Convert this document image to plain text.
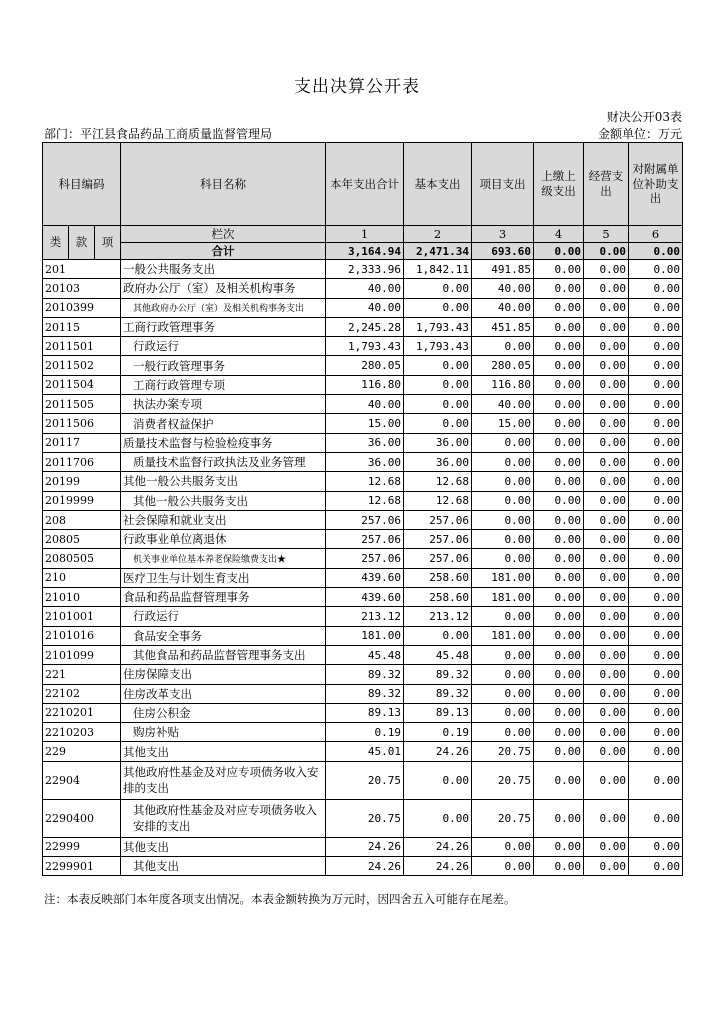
支出决算公开表
财决公开03表
部门：平江县食品药品工商质量监督管理局	金额单位：万元
科目编码			科目名称	本年支出合计	基本支出	项目支出	上缴上级支出	经营支出	对附属单位补助支出
类	款	项	栏次	1	2	3	4	5	6
			合计	3,164.94	2,471.34	693.60	0.00	0.00	0.00
201			一般公共服务支出	2,333.96	1,842.11	491.85	0.00	0.00	0.00
20103			政府办公厅（室）及相关机构事务	40.00	0.00	40.00	0.00	0.00	0.00
2010399			其他政府办公厅（室）及相关机构事务支出	40.00	0.00	40.00	0.00	0.00	0.00
20115			工商行政管理事务	2,245.28	1,793.43	451.85	0.00	0.00	0.00
2011501			行政运行	1,793.43	1,793.43	0.00	0.00	0.00	0.00
2011502			一般行政管理事务	280.05	0.00	280.05	0.00	0.00	0.00
2011504			工商行政管理专项	116.80	0.00	116.80	0.00	0.00	0.00
2011505			执法办案专项	40.00	0.00	40.00	0.00	0.00	0.00
2011506			消费者权益保护	15.00	0.00	15.00	0.00	0.00	0.00
20117			质量技术监督与检验检疫事务	36.00	36.00	0.00	0.00	0.00	0.00
2011706			质量技术监督行政执法及业务管理	36.00	36.00	0.00	0.00	0.00	0.00
20199			其他一般公共服务支出	12.68	12.68	0.00	0.00	0.00	0.00
2019999			其他一般公共服务支出	12.68	12.68	0.00	0.00	0.00	0.00
208			社会保障和就业支出	257.06	257.06	0.00	0.00	0.00	0.00
20805			行政事业单位离退休	257.06	257.06	0.00	0.00	0.00	0.00
2080505			机关事业单位基本养老保险缴费支出★	257.06	257.06	0.00	0.00	0.00	0.00
210			医疗卫生与计划生育支出	439.60	258.60	181.00	0.00	0.00	0.00
21010			食品和药品监督管理事务	439.60	258.60	181.00	0.00	0.00	0.00
2101001			行政运行	213.12	213.12	0.00	0.00	0.00	0.00
2101016			食品安全事务	181.00	0.00	181.00	0.00	0.00	0.00
2101099			其他食品和药品监督管理事务支出	45.48	45.48	0.00	0.00	0.00	0.00
221			住房保障支出	89.32	89.32	0.00	0.00	0.00	0.00
22102			住房改革支出	89.32	89.32	0.00	0.00	0.00	0.00
2210201			住房公积金	89.13	89.13	0.00	0.00	0.00	0.00
2210203			购房补贴	0.19	0.19	0.00	0.00	0.00	0.00
229			其他支出	45.01	24.26	20.75	0.00	0.00	0.00
22904			其他政府性基金及对应专项债务收入安排的支出	20.75	0.00	20.75	0.00	0.00	0.00
2290400			其他政府性基金及对应专项债务收入安排的支出	20.75	0.00	20.75	0.00	0.00	0.00
22999			其他支出	24.26	24.26	0.00	0.00	0.00	0.00
2299901			其他支出	24.26	24.26	0.00	0.00	0.00	0.00
注：本表反映部门本年度各项支出情况。本表金额转换为万元时，因四舍五入可能存在尾差。
